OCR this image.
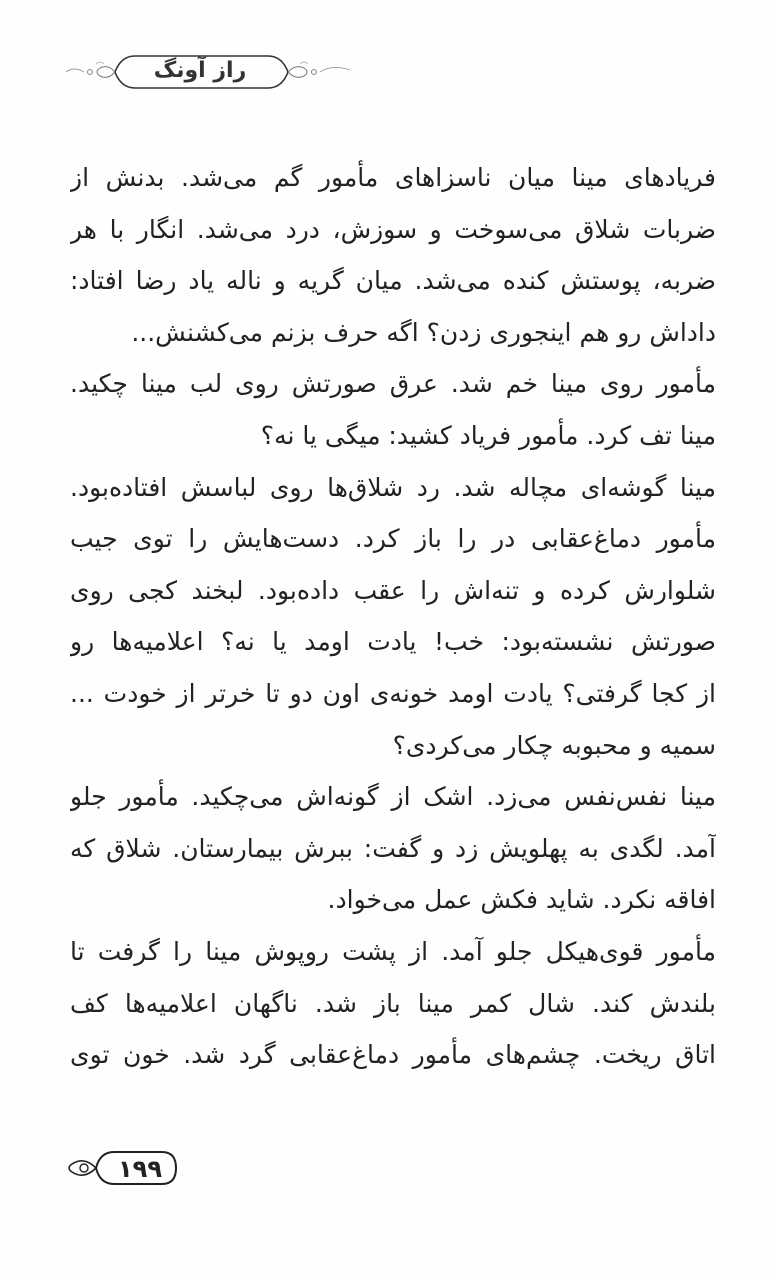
راز آونگ
فریادهای مینا میان ناسزاهای مأمور گم می‌شد. بدنش از
ضربات شلاق می‌سوخت و سوزش، درد می‌شد. انگار با هر
ضربه، پوستش کنده می‌شد. میان گریه و ناله یاد رضا افتاد:
داداش رو هم اینجوری زدن؟ اگه حرف بزنم می‌کشنش...
مأمور روی مینا خم شد. عرق صورتش روی لب مینا چکید.
مینا تف کرد. مأمور فریاد کشید: میگی یا نه؟
مینا گوشه‌ای مچاله شد. رد شلاق‌ها روی لباسش افتاده‌بود.
مأمور دماغ‌عقابی در را باز کرد. دست‌هایش را توی جیب
شلوارش کرده و تنه‌اش را عقب داده‌بود. لبخند کجی روی
صورتش نشسته‌بود: خب! یادت اومد یا نه؟ اعلامیه‌ها رو
از کجا گرفتی؟ یادت اومد خونه‌ی اون دو تا خرتر از خودت ...
سمیه و محبوبه چکار می‌کردی؟
مینا نفس‌نفس می‌زد. اشک از گونه‌اش می‌چکید. مأمور جلو
آمد. لگدی به پهلویش زد و گفت: ببرش بیمارستان. شلاق که
افاقه نکرد. شاید فکش عمل می‌خواد.
مأمور قوی‌هیکل جلو آمد. از پشت روپوش مینا را گرفت تا
بلندش کند. شال کمر مینا باز شد. ناگهان اعلامیه‌ها کف
اتاق ریخت. چشم‌های مأمور دماغ‌عقابی گرد شد. خون توی
۱۹۹
